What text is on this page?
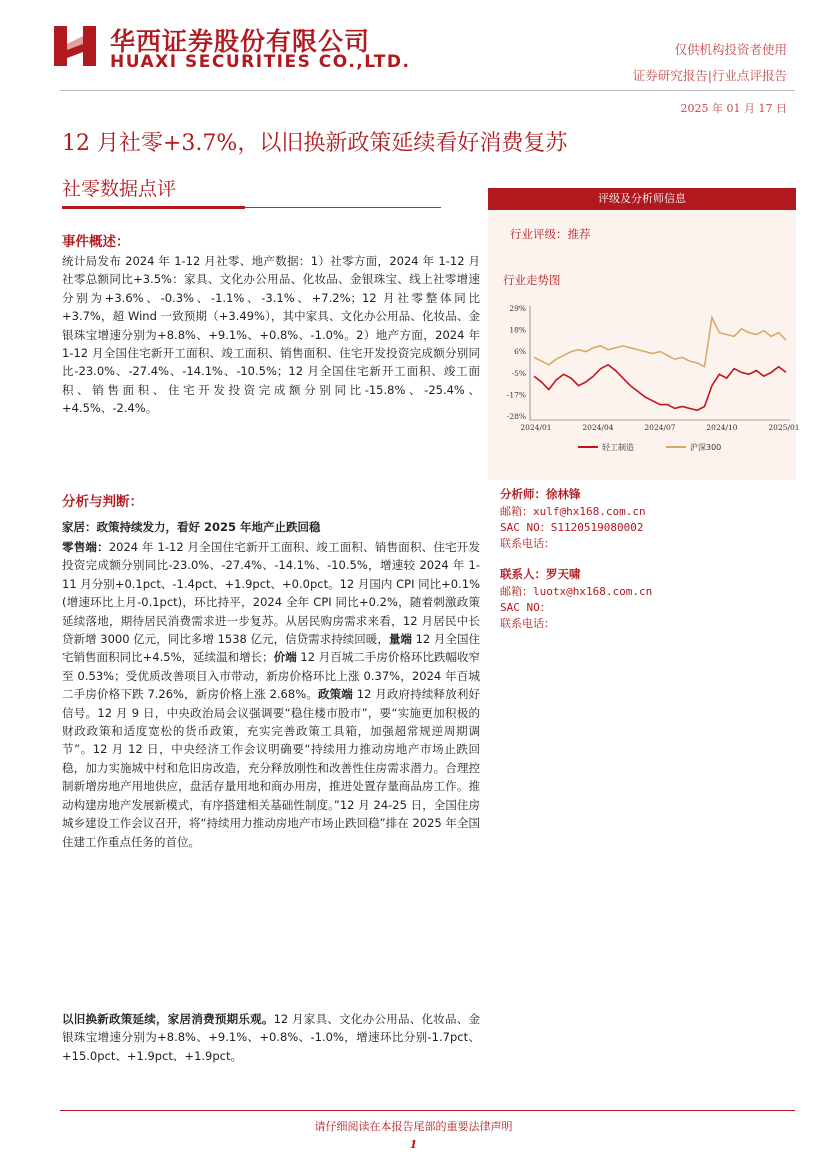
华西证券股份有限公司
HUAXI SECURITIES CO.,LTD.
仅供机构投资者使用
证券研究报告|行业点评报告
2025 年 01 月 17 日
12 月社零+3.7%，以旧换新政策延续看好消费复苏
社零数据点评
事件概述：

统计局发布 2024 年 1-12 月社零、地产数据：1）社零方面，2024 年 1-12 月社零总额同比+3.5%：家具、文化办公用品、化妆品、金银珠宝、线上社零增速分别为+3.6%、-0.3%、-1.1%、-3.1%、+7.2%；12 月社零整体同比+3.7%，超 Wind 一致预期（+3.49%），其中家具、文化办公用品、化妆品、金银珠宝增速分别为+8.8%、+9.1%、+0.8%、-1.0%。2）地产方面，2024 年 1-12 月全国住宅新开工面积、竣工面积、销售面积、住宅开发投资完成额分别同比-23.0%、-27.4%、-14.1%、-10.5%；12 月全国住宅新开工面积、竣工面积、销售面积、住宅开发投资完成额分别同比-15.8%、-25.4%、+4.5%、-2.4%。

分析与判断：
家居：政策持续发力，看好 2025 年地产止跌回稳

零售端：2024 年 1-12 月全国住宅新开工面积、竣工面积、销售面积、住宅开发投资完成额分别同比-23.0%、-27.4%、-14.1%、-10.5%，增速较 2024 年 1-11 月分别+0.1pct、-1.4pct、+1.9pct、+0.0pct。12 月国内 CPI 同比+0.1%(增速环比上月-0.1pct)，环比持平，2024 全年 CPI 同比+0.2%，随着刺激政策延续落地，期待居民消费需求进一步复苏。从居民购房需求来看，12 月居民中长贷新增 3000 亿元，同比多增 1538 亿元，信贷需求持续回暖，量端 12 月全国住宅销售面积同比+4.5%，延续温和增长；价端 12 月百城二手房价格环比跌幅收窄至 0.53%；受优质改善项目入市带动，新房价格环比上涨 0.37%，2024 年百城二手房价格下跌 7.26%，新房价格上涨 2.68%。政策端 12 月政府持续释放利好信号。12 月 9 日，中央政治局会议强调要“稳住楼市股市”，要“实施更加积极的财政政策和适度宽松的货币政策，充实完善政策工具箱，加强超常规逆周期调节”。12 月 12 日，中央经济工作会议明确要“持续用力推动房地产市场止跌回稳，加力实施城中村和危旧房改造，充分释放刚性和改善性住房需求潜力。合理控制新增房地产用地供应，盘活存量用地和商办用房，推进处置存量商品房工作。推动构建房地产发展新模式，有序搭建相关基础性制度。”12 月 24-25 日，全国住房城乡建设工作会议召开，将“持续用力推动房地产市场止跌回稳”排在 2025 年全国住建工作重点任务的首位。

以旧换新政策延续，家居消费预期乐观。12 月家具、文化办公用品、化妆品、金银珠宝增速分别为+8.8%、+9.1%、+0.8%、-1.0%，增速环比分别-1.7pct、+15.0pct、+1.9pct、+1.9pct。

评级及分析师信息
行业评级：推荐
行业走势图
29%
18%
6%
-5%
-17%
-28%
2024/01	2024/04	2024/07	2024/10	2025/01
轻工制造	沪深300
分析师：徐林锋
邮箱：xulf@hx168.com.cn
SAC NO：S1120519080002
联系电话：
联系人：罗天啸
邮箱：luotx@hx168.com.cn
SAC NO：
联系电话：
请仔细阅读在本报告尾部的重要法律声明
1
